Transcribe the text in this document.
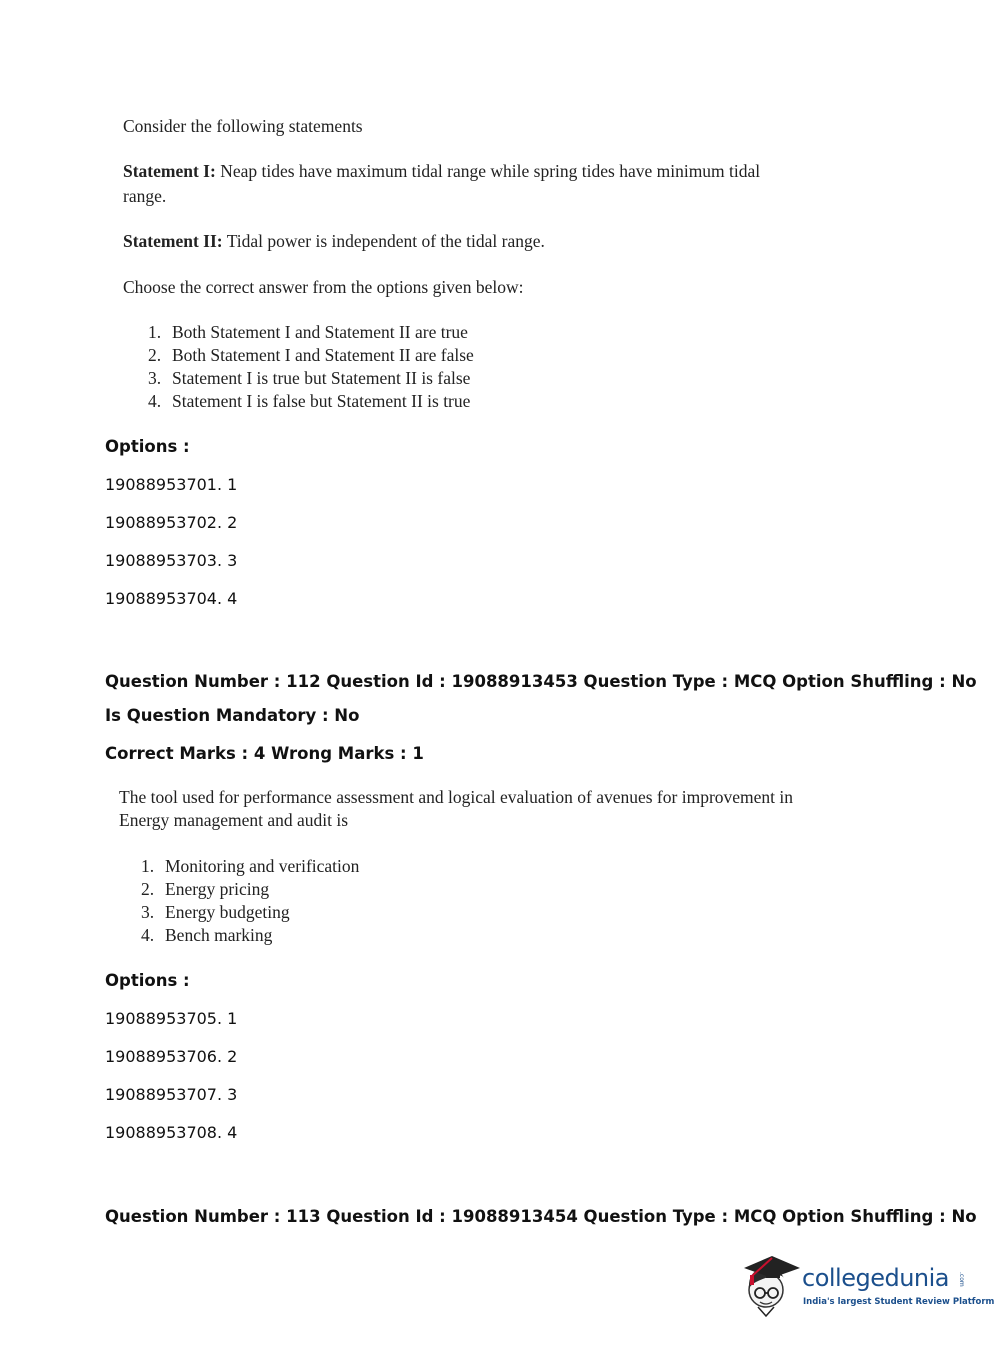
Consider the following statements

Statement I: Neap tides have maximum tidal range while spring tides have minimum tidal

range.

Statement II: Tidal power is independent of the tidal range.

Choose the correct answer from the options given below:

1. Both Statement I and Statement II are true
2. Both Statement I and Statement II are false
3. Statement I is true but Statement II is false
4. Statement I is false but Statement II is true
Options :
19088953701. 1
19088953702. 2
19088953703. 3
19088953704. 4
Question Number : 112 Question Id : 19088913453 Question Type : MCQ Option Shuffling : No
Is Question Mandatory : No
Correct Marks : 4 Wrong Marks : 1

The tool used for performance assessment and logical evaluation of avenues for improvement in

Energy management and audit is

1. Monitoring and verification
2. Energy pricing
3. Energy budgeting
4. Bench marking
Options :
19088953705. 1
19088953706. 2
19088953707. 3
19088953708. 4
Question Number : 113 Question Id : 19088913454 Question Type : MCQ Option Shuffling : No
collegedunia .com
India's largest Student Review Platform
